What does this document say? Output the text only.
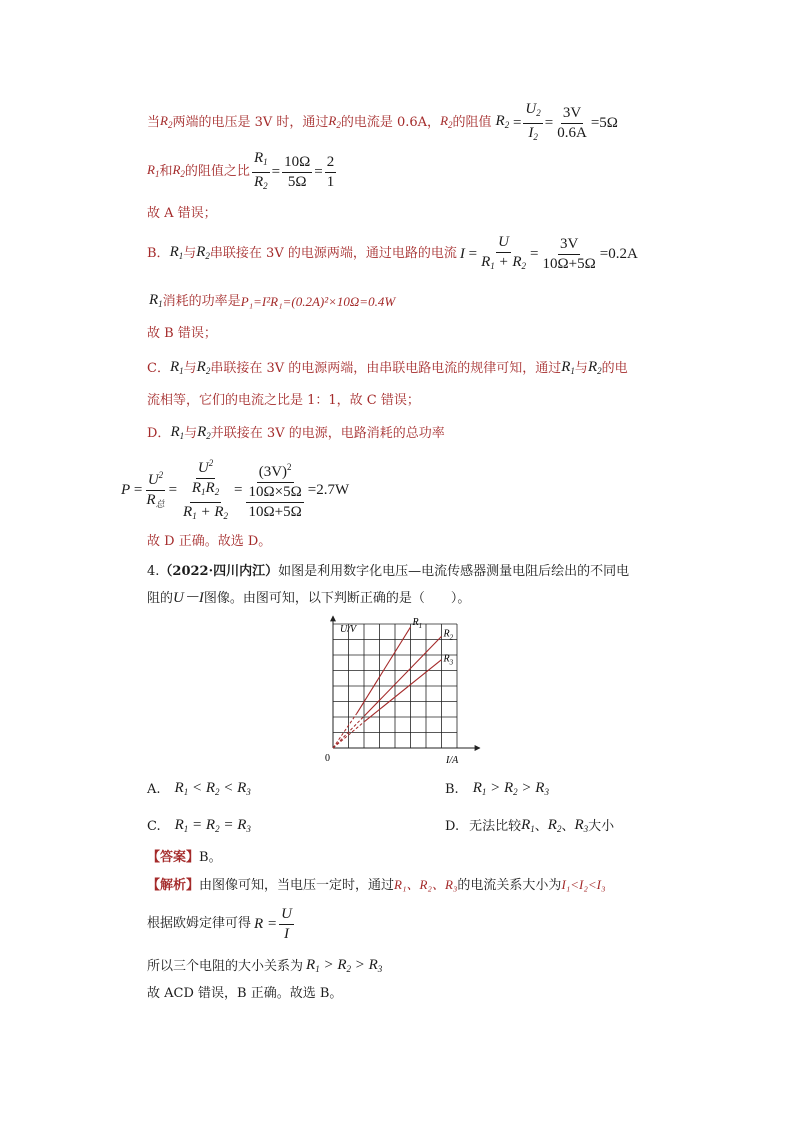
当 $R_2$ 两端的电压是 3V 时，通过 $R_2$ 的电流是 0.6A， $R_2$ 的阻值 $R_2 = \frac{U_2}{I_2} = \frac{3V}{0.6A} =5\Omega$
$R_1$ 和 $R_2$ 的阻值之比 $\frac{R_1}{R_2} = \frac{10\Omega}{5\Omega} = \frac{2}{1}$
故 A 错误；
B． $R_1$ 与 $R_2$ 串联接在 3V 的电源两端，通过电路的电流 $I = \frac{U}{R_1 + R_2} = \frac{3V}{10\Omega+5\Omega} =0.2A$
$R_1$ 消耗的功率是 P₁=I²R₁=(0.2A)²×10Ω=0.4W
故 B 错误；
C． $R_1$ 与 $R_2$ 串联接在 3V 的电源两端，由串联电路电流的规律可知，通过 $R_1$ 与 $R_2$ 的电
流相等，它们的电流之比是 1：1，故 C 错误；
D． $R_1$ 与 $R_2$ 并联接在 3V 的电源，电路消耗的总功率
$P = \frac{U^2}{R_总} = \frac{U^2}{\frac{R_1R_2}{R_1 + R_2}} = \frac{(3V)^2}{\frac{10\Omega\times 5\Omega}{10\Omega+5\Omega}} =2.7W$
故 D 正确。故选 D。
4.（2022·四川内江）如图是利用数字化电压—电流传感器测量电阻后绘出的不同电
阻的U－I图像。由图可知，以下判断正确的是（　　）。
$R_1$
$R_2$
$R_3$
U/V
I/A
0
A. $R_1 < R_2 < R_3$	B. $R_1 > R_2 > R_3$
C. $R_1 = R_2 = R_3$	D. 无法比较 $R_1$ 、 $R_2$ 、 $R_3$ 大小
【答案】B。
【解析】由图像可知，当电压一定时，通过R₁、R₂、R₃的电流关系大小为I₁<I₂<I₃
根据欧姆定律可得 $R = \frac{U}{I}$
所以三个电阻的大小关系为 $R_1 > R_2 > R_3$
故 ACD 错误，B 正确。故选 B。
